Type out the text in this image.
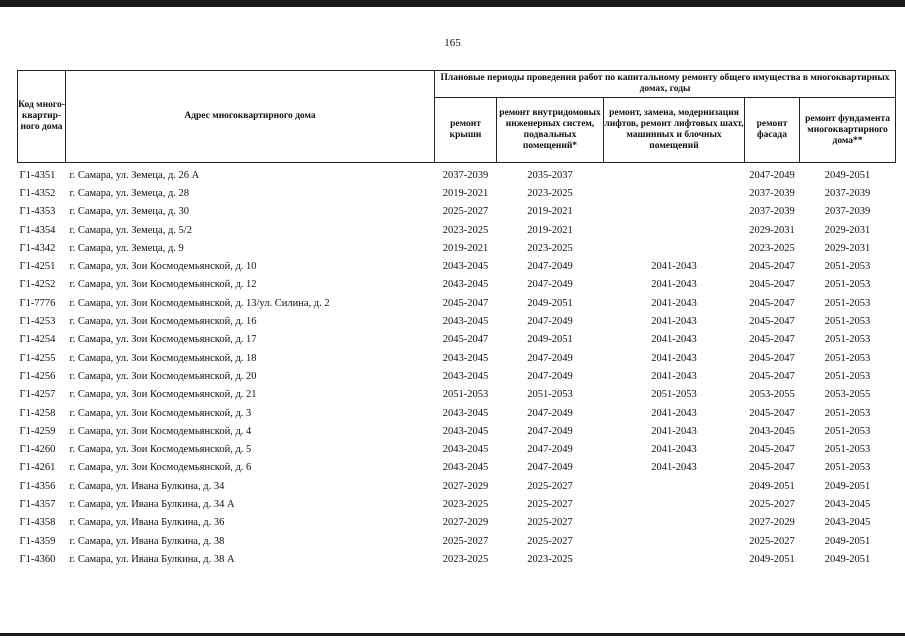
165
Код много-квартир-ного дома	Адрес многоквартирного дома	Плановые периоды проведения работ по капитальному ремонту общего имущества в многоквартирных домах, годы				
		ремонт крыши	ремонт внутридомовых инженерных систем, подвальных помещений*	ремонт, замена, модернизация лифтов, ремонт лифтовых шахт, машинных и блочных помещений	ремонт фасада	ремонт фундамента многоквартирного дома**
Г1-4351	г. Самара, ул. Земеца, д. 26 А	2037-2039	2035-2037		2047-2049	2049-2051
Г1-4352	г. Самара, ул. Земеца, д. 28	2019-2021	2023-2025		2037-2039	2037-2039
Г1-4353	г. Самара, ул. Земеца, д. 30	2025-2027	2019-2021		2037-2039	2037-2039
Г1-4354	г. Самара, ул. Земеца, д. 5/2	2023-2025	2019-2021		2029-2031	2029-2031
Г1-4342	г. Самара, ул. Земеца, д. 9	2019-2021	2023-2025		2023-2025	2029-2031
Г1-4251	г. Самара, ул. Зои Космодемьянской, д. 10	2043-2045	2047-2049	2041-2043	2045-2047	2051-2053
Г1-4252	г. Самара, ул. Зои Космодемьянской, д. 12	2043-2045	2047-2049	2041-2043	2045-2047	2051-2053
Г1-7776	г. Самара, ул. Зои Космодемьянской, д. 13/ул. Силина, д. 2	2045-2047	2049-2051	2041-2043	2045-2047	2051-2053
Г1-4253	г. Самара, ул. Зои Космодемьянской, д. 16	2043-2045	2047-2049	2041-2043	2045-2047	2051-2053
Г1-4254	г. Самара, ул. Зои Космодемьянской, д. 17	2045-2047	2049-2051	2041-2043	2045-2047	2051-2053
Г1-4255	г. Самара, ул. Зои Космодемьянской, д. 18	2043-2045	2047-2049	2041-2043	2045-2047	2051-2053
Г1-4256	г. Самара, ул. Зои Космодемьянской, д. 20	2043-2045	2047-2049	2041-2043	2045-2047	2051-2053
Г1-4257	г. Самара, ул. Зои Космодемьянской, д. 21	2051-2053	2051-2053	2051-2053	2053-2055	2053-2055
Г1-4258	г. Самара, ул. Зои Космодемьянской, д. 3	2043-2045	2047-2049	2041-2043	2045-2047	2051-2053
Г1-4259	г. Самара, ул. Зои Космодемьянской, д. 4	2043-2045	2047-2049	2041-2043	2043-2045	2051-2053
Г1-4260	г. Самара, ул. Зои Космодемьянской, д. 5	2043-2045	2047-2049	2041-2043	2045-2047	2051-2053
Г1-4261	г. Самара, ул. Зои Космодемьянской, д. 6	2043-2045	2047-2049	2041-2043	2045-2047	2051-2053
Г1-4356	г. Самара, ул. Ивана Булкина, д. 34	2027-2029	2025-2027		2049-2051	2049-2051
Г1-4357	г. Самара, ул. Ивана Булкина, д. 34 А	2023-2025	2025-2027		2025-2027	2043-2045
Г1-4358	г. Самара, ул. Ивана Булкина, д. 36	2027-2029	2025-2027		2027-2029	2043-2045
Г1-4359	г. Самара, ул. Ивана Булкина, д. 38	2025-2027	2025-2027		2025-2027	2049-2051
Г1-4360	г. Самара, ул. Ивана Булкина, д. 38 А	2023-2025	2023-2025		2049-2051	2049-2051
